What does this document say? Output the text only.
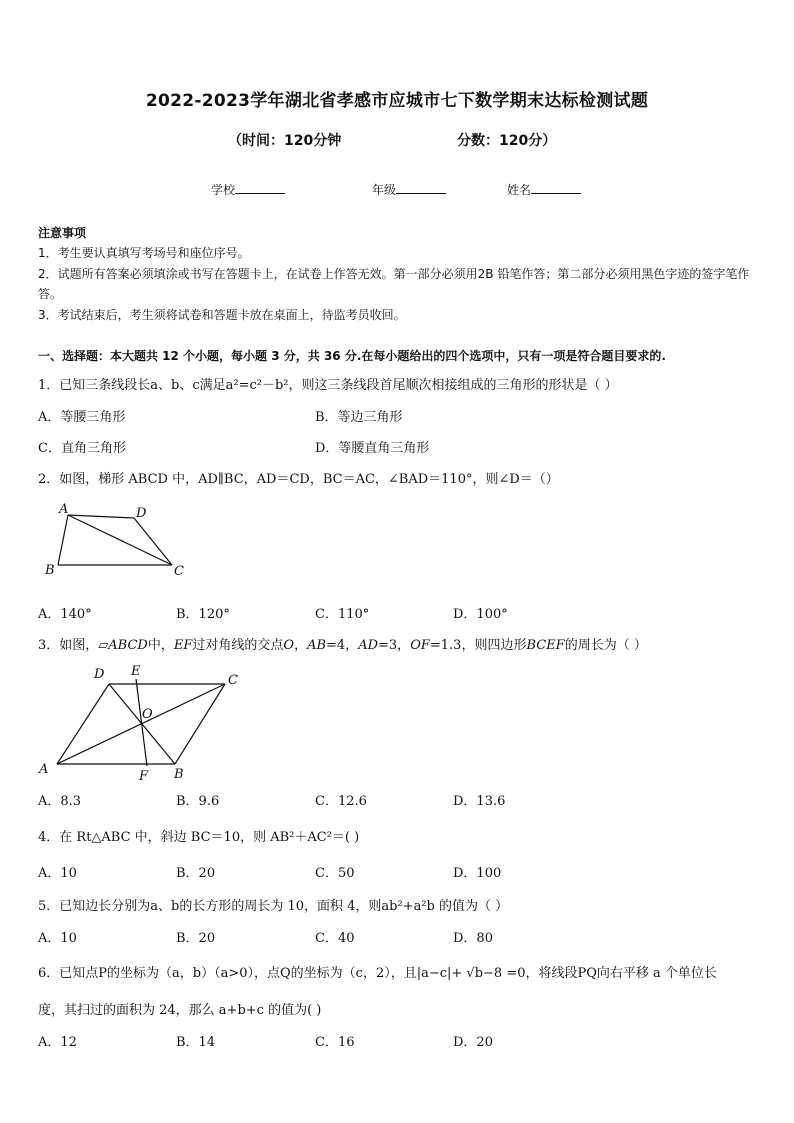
2022-2023学年湖北省孝感市应城市七下数学期末达标检测试题
（时间：120分钟	分数：120分）
学校	年级	姓名
注意事项
1．考生要认真填写考场号和座位序号。
2．试题所有答案必须填涂或书写在答题卡上，在试卷上作答无效。第一部分必须用2B 铅笔作答；第二部分必须用黑色字迹的签字笔作答。
3．考试结束后，考生须将试卷和答题卡放在桌面上，待监考员收回。
一、选择题：本大题共 12 个小题，每小题 3 分，共 36 分.在每小题给出的四个选项中，只有一项是符合题目要求的.
1．已知三条线段长a、b、c满足a²=c²－b²，则这三条线段首尾顺次相接组成的三角形的形状是（ ）
A．等腰三角形	B．等边三角形
C．直角三角形	D．等腰直角三角形
2．如图，梯形 ABCD 中，AD∥BC，AD＝CD，BC＝AC，∠BAD＝110°，则∠D＝（）
A	D
B	C
A．140°	B．120°	C．110°	D．100°
3．如图，▱ABCD中，EF过对角线的交点O，AB=4，AD=3，OF=1.3，则四边形BCEF的周长为（ ）
D E
C
O
A	F B
A．8.3	B．9.6	C．12.6	D．13.6
4．在 Rt△ABC 中，斜边 BC＝10，则 AB²＋AC²＝( )
A．10	B．20	C．50	D．100
5．已知边长分别为a、b的长方形的周长为 10，面积 4，则ab²+a²b 的值为（ ）
A．10	B．20	C．40	D．80
6．已知点P的坐标为（a，b）（a>0），点Q的坐标为（c，2），且|a−c|+ √b−8 =0，将线段PQ向右平移 a 个单位长
度，其扫过的面积为 24，那么 a+b+c 的值为( )
A．12	B．14	C．16	D．20
